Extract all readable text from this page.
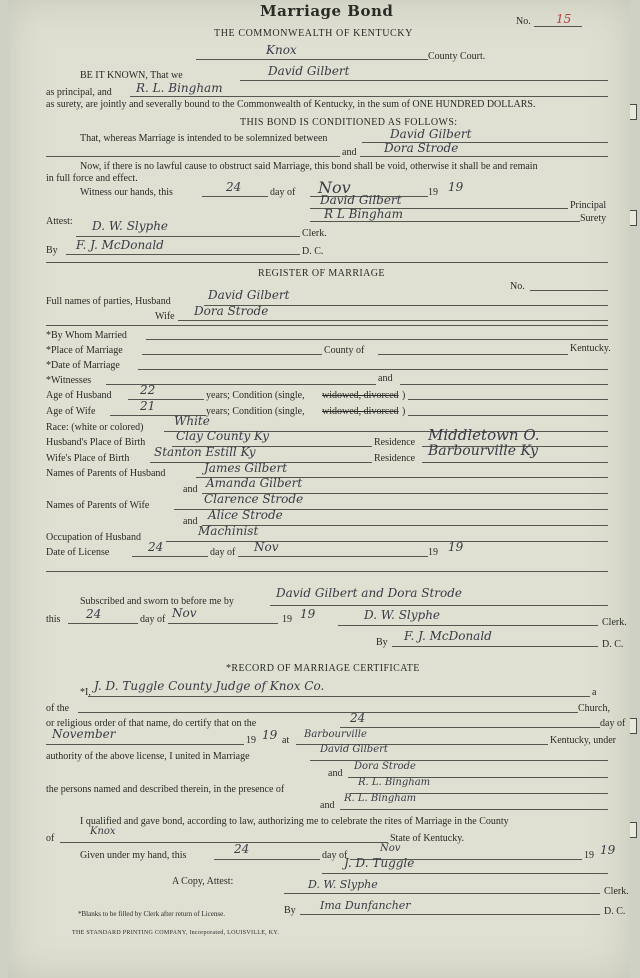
Marriage Bond
No. 15
THE COMMONWEALTH OF KENTUCKY
Knox	County Court.
BE IT KNOWN, That we	David Gilbert
as principal, and R. L. Bingham
as surety, are jointly and severally bound to the Commonwealth of Kentucky, in the sum of ONE HUNDRED DOLLARS.
THIS BOND IS CONDITIONED AS FOLLOWS:
That, whereas Marriage is intended to be solemnized between	David Gilbert
and Dora Strode
Now, if there is no lawful cause to obstruct said Marriage, this bond shall be void, otherwise it shall be and remain
in full force and effect.
Witness our hands, this	24	day of Nov	19 19
David Gilbert	Principal
R L Bingham	Surety
Attest: D. W. Slyphe
Clerk.
By F. J. McDonald	D. C.
REGISTER OF MARRIAGE
No.
Full names of parties, Husband	David Gilbert
Wife Dora Strode
*By Whom Married
*Place of Marriage	County of	Kentucky.
*Date of Marriage
*Witnesses	and
Age of Husband 22	years; Condition (single, widowed, divorced )
Age of Wife	21	years; Condition (single, widowed, divorced )
Race: (white or colored)	White
Husband's Place of Birth	Clay County Ky	Residence Middletown O.
Wife's Place of Birth Stanton Estill Ky	Residence Barbourville Ky
Names of Parents of Husband	James Gilbert
and Amanda Gilbert
Names of Parents of Wife	Clarence Strode
and Alice Strode
Occupation of Husband	Machinist
Date of License	24	day of Nov	19 19
Subscribed and sworn to before me by
David Gilbert and Dora Strode
this 24	day of Nov	19 19	D. W. Slyphe
Clerk.
By F. J. McDonald
D. C.
*RECORD OF MARRIAGE CERTIFICATE
*I, J. D. Tuggle County Judge of Knox Co.	a
of the	Church,
or religious order of that name, do certify that on the	24	day of
November	19 19 at
Barbourville
Kentucky, under
authority of the above license, I united in Marriage
David Gilbert
and
Dora Strode
the persons named and described therein, in the presence of
R. L. Bingham
and
R. L. Bingham
I qualified and gave bond, according to law, authorizing me to celebrate the rites of Marriage in the County
of
Knox
State of Kentucky.
Given under my hand, this	24	day of
Nov
19 19
J. D. Tuggle
A Copy, Attest:	D. W. Slyphe
Clerk.
By Ima Dunfancher	D. C.
*Blanks to be filled by Clerk after return of License.
THE STANDARD PRINTING COMPANY, Incorporated, LOUISVILLE, KY.
